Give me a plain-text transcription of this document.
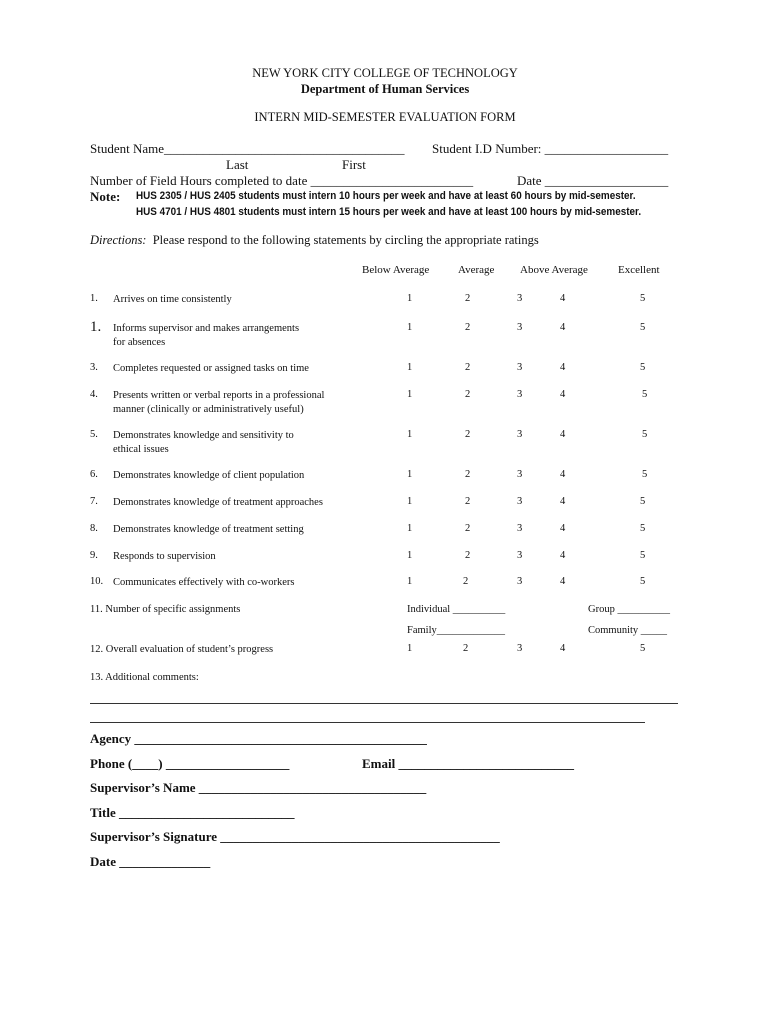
NEW YORK CITY COLLEGE OF TECHNOLOGY
Department of Human Services
INTERN MID-SEMESTER EVALUATION FORM
Student Name_____________________________________ Student I.D Number: ___________________
Last	First
Number of Field Hours completed to date _________________________	Date ___________________
Note: HUS 2305 / HUS 2405 students must intern 10 hours per week and have at least 60 hours by mid-semester.
HUS 4701 / HUS 4801 students must intern 15 hours per week and have at least 100 hours by mid-semester.
Directions: Please respond to the following statements by circling the appropriate ratings
Below Average	Average Above Average	Excellent
1. Arrives on time consistently	1	2	3	4	5
1. Informs supervisor and makes arrangements
for absences
1	2	3	4	5
3. Completes requested or assigned tasks on time	1	2	3	4	5
4. Presents written or verbal reports in a professional
manner (clinically or administratively useful)
1	2	3	4	5
5. Demonstrates knowledge and sensitivity to
ethical issues
1	2	3	4	5
6. Demonstrates knowledge of client population	1	2	3	4	5
7. Demonstrates knowledge of treatment approaches	1	2	3	4	5
8. Demonstrates knowledge of treatment setting	1	2	3	4	5
9. Responds to supervision	1	2	3	4	5
10. Communicates effectively with co-workers	1	2	3	4	5
11. Number of specific assignments	Individual __________	Group __________
Family_____________	Community _____
12. Overall evaluation of student’s progress	1	2	3	4	5
13. Additional comments:
Agency _____________________________________________
Phone (____) ___________________	Email ___________________________
Supervisor’s Name ___________________________________
Title ___________________________
Supervisor’s Signature ___________________________________________
Date ______________
